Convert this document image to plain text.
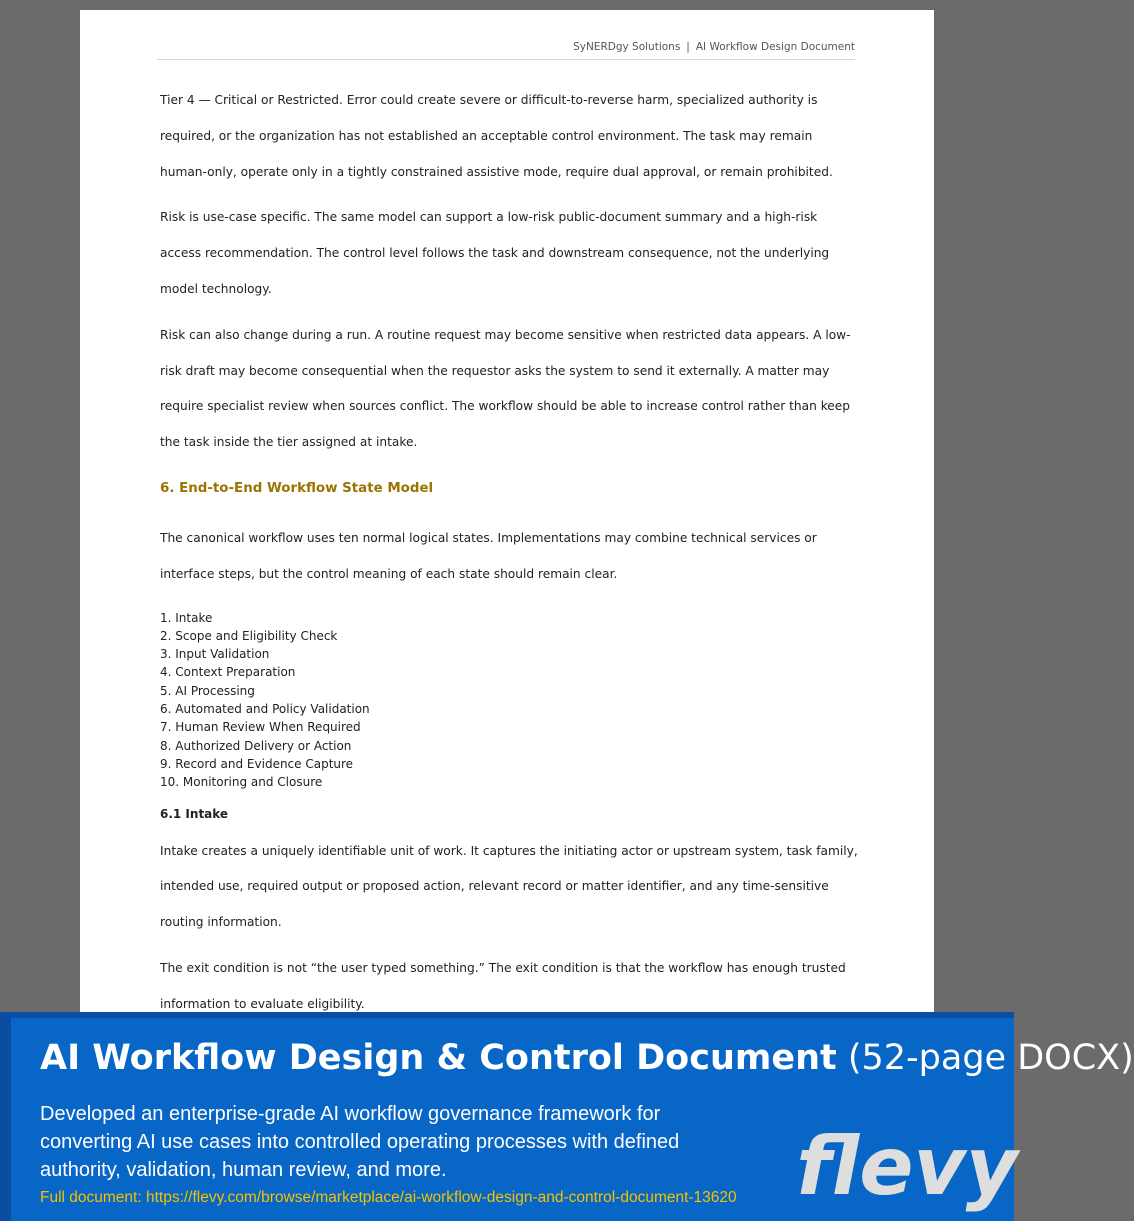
SyNERDgy Solutions | AI Workflow Design Document

Tier 4 — Critical or Restricted. Error could create severe or difficult-to-reverse harm, specialized authority is required, or the organization has not established an acceptable control environment. The task may remain human-only, operate only in a tightly constrained assistive mode, require dual approval, or remain prohibited.

Risk is use-case specific. The same model can support a low-risk public-document summary and a high-risk access recommendation. The control level follows the task and downstream consequence, not the underlying model technology.

Risk can also change during a run. A routine request may become sensitive when restricted data appears. A low-risk draft may become consequential when the requestor asks the system to send it externally. A matter may require specialist review when sources conflict. The workflow should be able to increase control rather than keep the task inside the tier assigned at intake.

6. End-to-End Workflow State Model

The canonical workflow uses ten normal logical states. Implementations may combine technical services or interface steps, but the control meaning of each state should remain clear.

1. Intake
2. Scope and Eligibility Check
3. Input Validation
4. Context Preparation
5. AI Processing
6. Automated and Policy Validation
7. Human Review When Required
8. Authorized Delivery or Action
9. Record and Evidence Capture
10. Monitoring and Closure
6.1 Intake

Intake creates a uniquely identifiable unit of work. It captures the initiating actor or upstream system, task family, intended use, required output or proposed action, relevant record or matter identifier, and any time-sensitive routing information.

The exit condition is not “the user typed something.” The exit condition is that the workflow has enough trusted information to evaluate eligibility.

AI Workflow Design & Control Document (52-page DOCX)
Developed an enterprise-grade AI workflow governance framework for converting AI use cases into controlled operating processes with defined authority, validation, human review, and more.
Full document: https://flevy.com/browse/marketplace/ai-workflow-design-and-control-document-13620 flevy
